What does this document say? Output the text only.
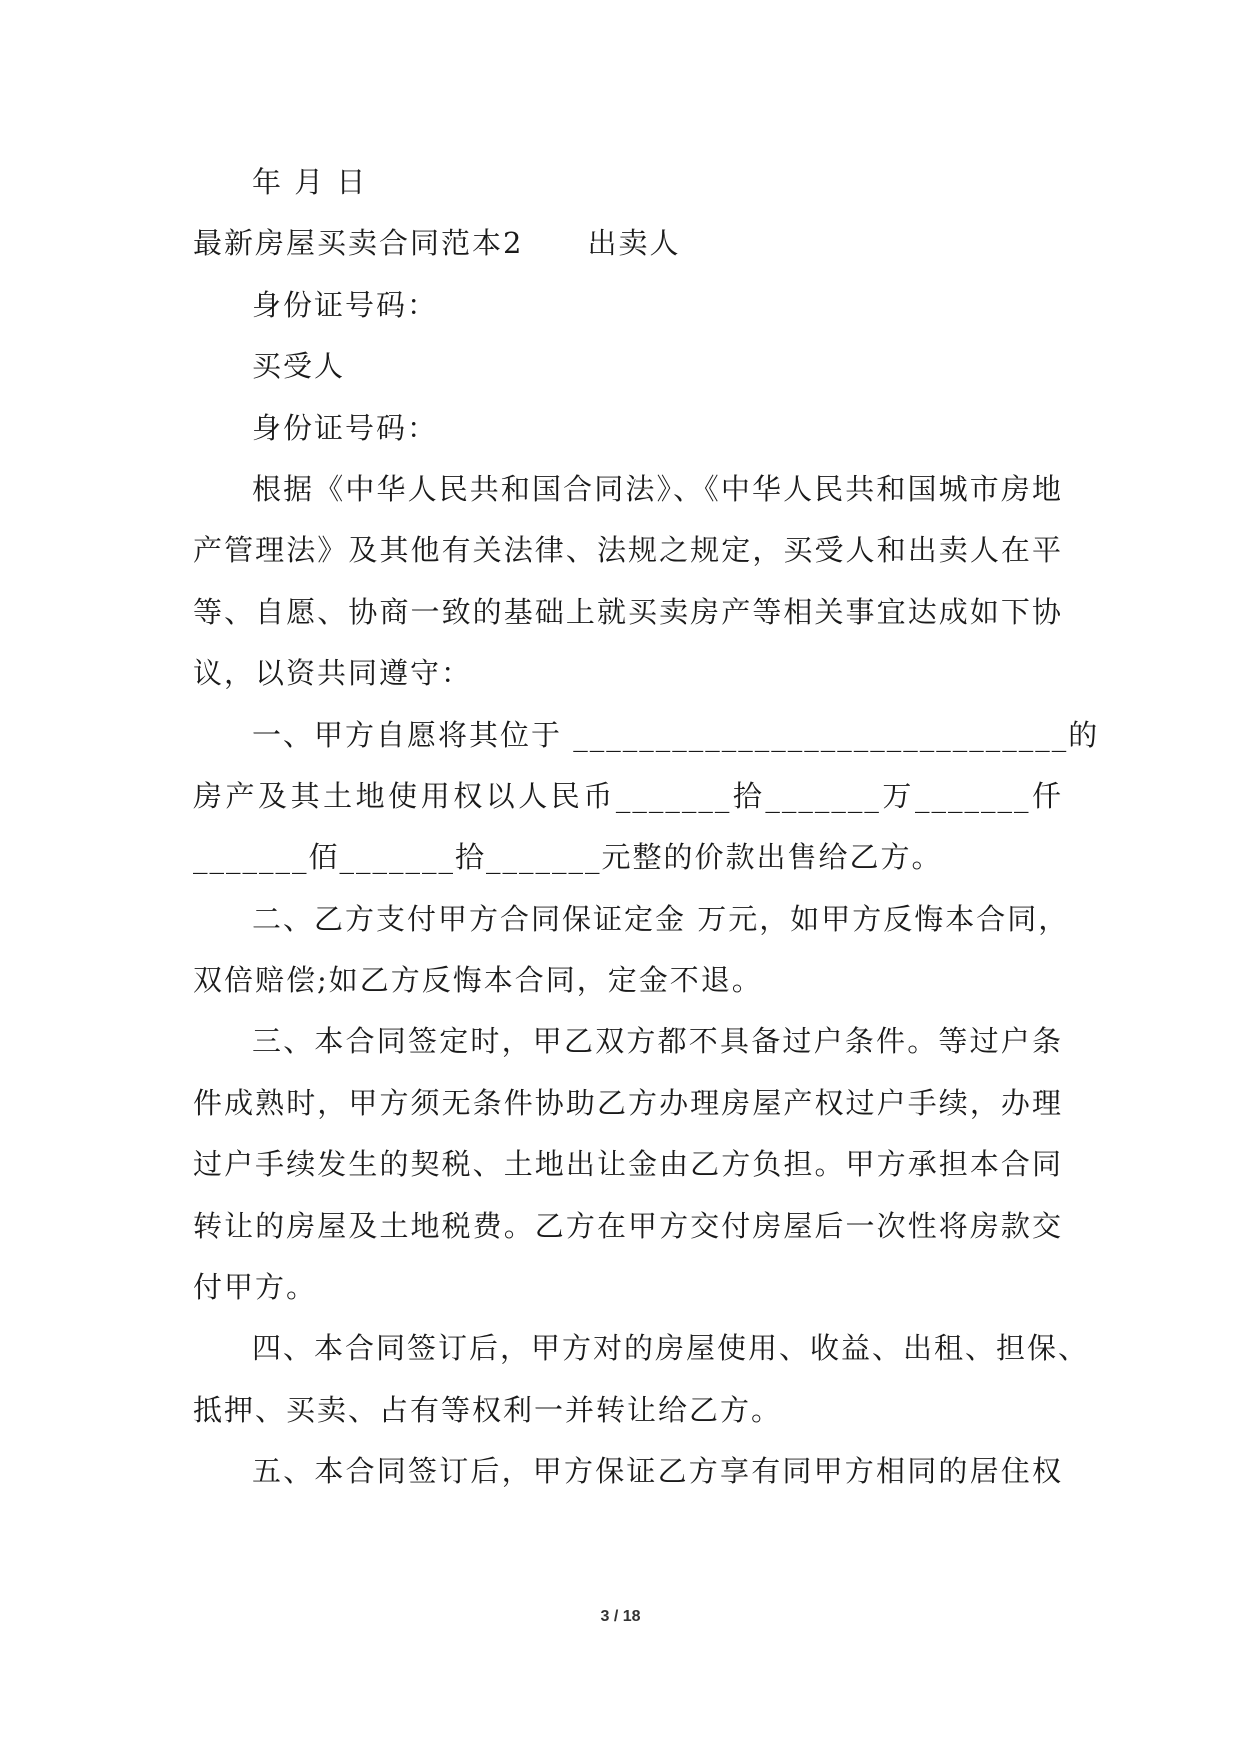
年 月 日
最新房屋买卖合同范本2 出卖人
身份证号码：
买受人
身份证号码：
根据《中华人民共和国合同法》、《中华人民共和国城市房地
产管理法》及其他有关法律、法规之规定，买受人和出卖人在平
等、自愿、协商一致的基础上就买卖房产等相关事宜达成如下协
议，以资共同遵守：
一、甲方自愿将其位于 ______________________________的
房产及其土地使用权以人民币_______拾_______万_______仟
_______佰_______拾_______元整的价款出售给乙方。
二、乙方支付甲方合同保证定金 万元，如甲方反悔本合同，
双倍赔偿;如乙方反悔本合同，定金不退。
三、本合同签定时，甲乙双方都不具备过户条件。等过户条
件成熟时，甲方须无条件协助乙方办理房屋产权过户手续，办理
过户手续发生的契税、土地出让金由乙方负担。甲方承担本合同
转让的房屋及土地税费。乙方在甲方交付房屋后一次性将房款交
付甲方。
四、本合同签订后，甲方对的房屋使用、收益、出租、担保、
抵押、买卖、占有等权利一并转让给乙方。
五、本合同签订后，甲方保证乙方享有同甲方相同的居住权
3 / 18
